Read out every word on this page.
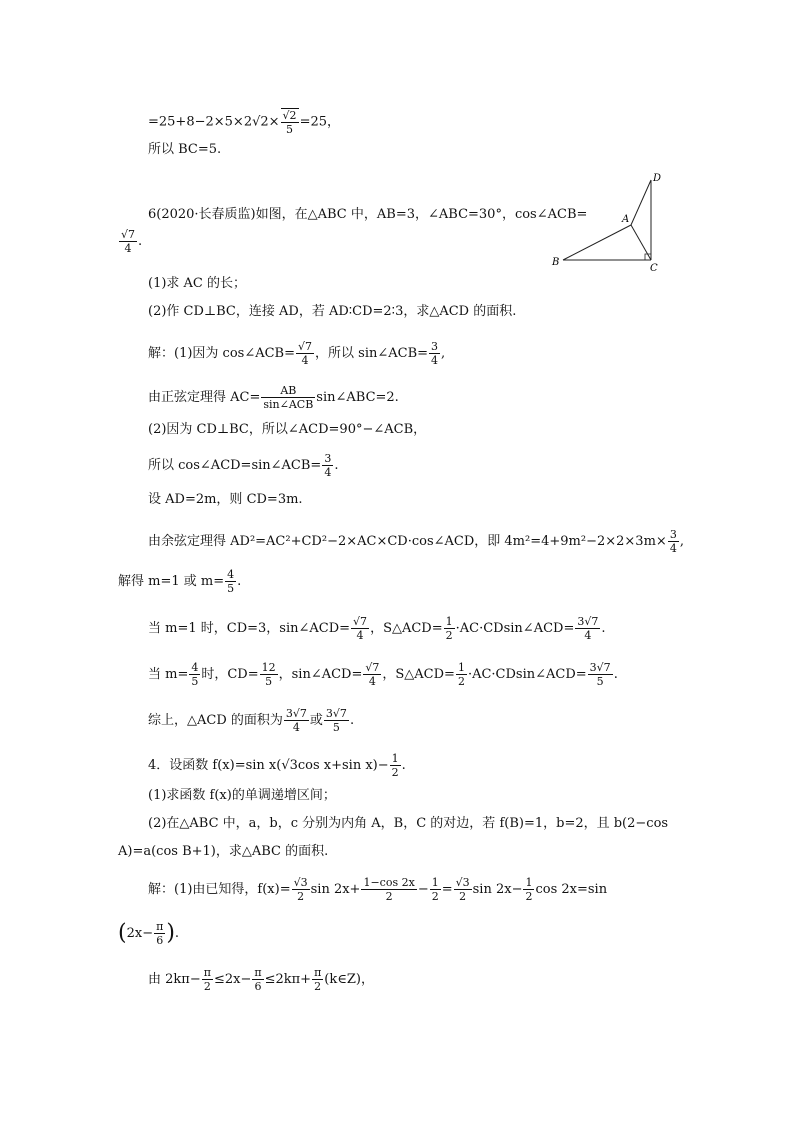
$=25+8-2\times 5\times 2√2\times \frac{√2}{5} =25$，
所以 BC=5.
6(2020·长春质监)如图，在△ABC 中，AB=3，∠ABC=30°，cos∠ACB=
$\frac{√7}{4}$ .
D
A
B
C
(1)求 AC 的长；
(2)作 CD⊥BC，连接 AD，若 AD∶CD=2∶3，求△ACD 的面积.
解：(1)因为 cos∠ACB= $\frac{√7}{4}$ ，所以 sin∠ACB= $\frac{3}{4}$ ,
由正弦定理得 $AC= \frac{AB}{\text{sin∠ACB}}$ sin∠ABC=2.
(2)因为 CD⊥BC，所以∠ACD=90°−∠ACB，
所以 cos∠ACD=sin∠ACB= $\frac{3}{4}$ .
设 AD=2m，则 CD=3m.
由余弦定理得 AD²=AC²+CD²−2×AC×CD·cos∠ACD，即 $4m^2=4+9m^2-2\times 2\times 3m\times \frac{3}{4}$ ,
解得 m=1 或 $m= \frac{4}{5}$ .
当 m=1 时，CD=3，sin∠ACD= $\frac{√7}{4}$ ，S△ACD= $\frac{1}{2}$ ·AC·CDsin∠ACD= $\frac{3√7}{4}$ .
当 $m= \frac{4}{5}$ 时，$CD= \frac{12}{5}$ ，sin∠ACD= $\frac{√7}{4}$ ，S△ACD= $\frac{1}{2}$ ·AC·CDsin∠ACD= $\frac{3√7}{5}$ .
综上，△ACD 的面积为 $\frac{3√7}{4}$ 或 $\frac{3√7}{5}$ .
4．设函数 f(x)=sin x(√3cos x+sin $x)- \frac{1}{2}$ .
(1)求函数 f(x)的单调递增区间；
(2)在△ABC 中，a，b，c 分别为内角 A，B，C 的对边，若 f(B)=1，b=2，且 b(2−cos
A)=a(cos B+1)，求△ABC 的面积.
解：(1)由已知得，$f(x)= \frac{√3}{2}$ $\sin 2x+ \frac{1-\cos 2x}{2} - \frac{1}{2} = \frac{√3}{2}$ $\sin 2x- \frac{1}{2}$ cos 2x=sin
($2x- \frac{\pi}{6}$ ).
由 $2k\pi- \frac{\pi}{2} \le 2x- \frac{\pi}{6} \le 2k\pi+ \frac{\pi}{2}$ (k∈Z)，
